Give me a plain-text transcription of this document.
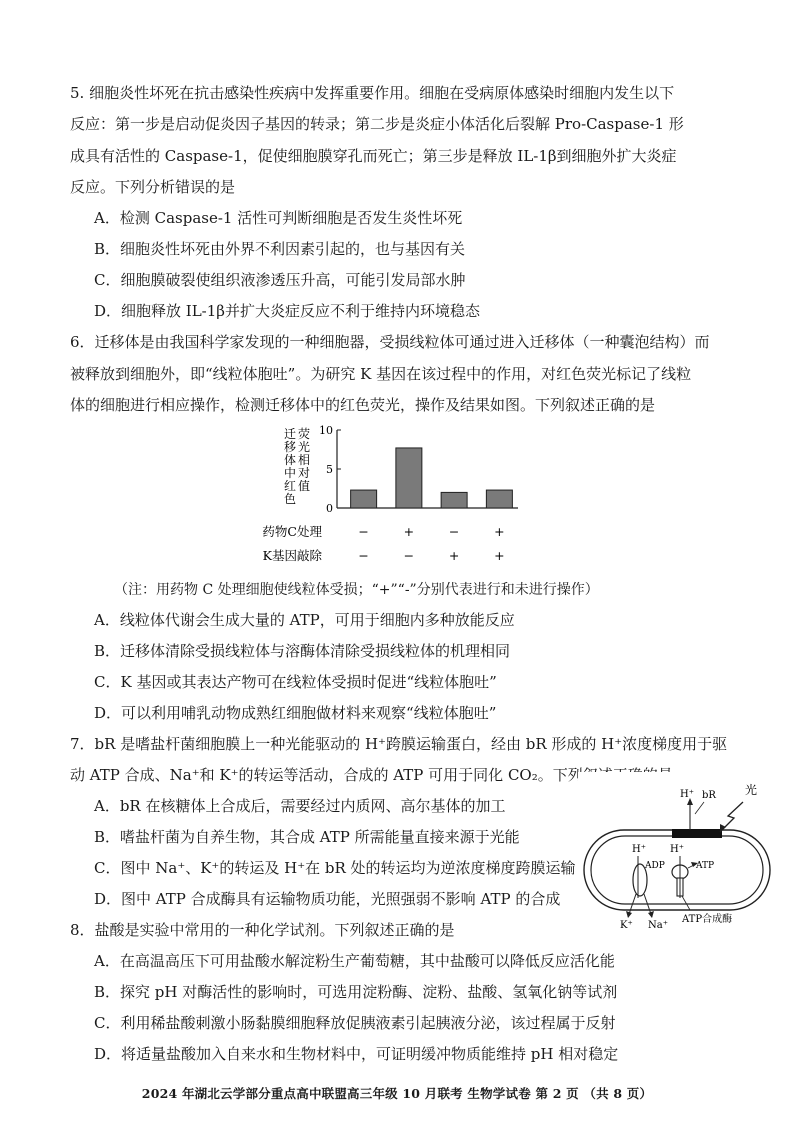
5. 细胞炎性坏死在抗击感染性疾病中发挥重要作用。细胞在受病原体感染时细胞内发生以下
反应：第一步是启动促炎因子基因的转录；第二步是炎症小体活化后裂解 Pro-Caspase-1 形
成具有活性的 Caspase-1，促使细胞膜穿孔而死亡；第三步是释放 IL-1β到细胞外扩大炎症
反应。下列分析错误的是
A．检测 Caspase-1 活性可判断细胞是否发生炎性坏死
B．细胞炎性坏死由外界不利因素引起的，也与基因有关
C．细胞膜破裂使组织液渗透压升高，可能引发局部水肿
D．细胞释放 IL-1β并扩大炎症反应不利于维持内环境稳态
6．迁移体是由我国科学家发现的一种细胞器，受损线粒体可通过进入迁移体（一种囊泡结构）而
被释放到细胞外，即“线粒体胞吐”。为研究 K 基因在该过程中的作用，对红色荧光标记了线粒
体的细胞进行相应操作，检测迁移体中的红色荧光，操作及结果如图。下列叙述正确的是
迁
移
体
中
红
色
荧
光
相
对
值
0
5
10
药物C处理	−	+	−	+
K基因敲除	−	−	+	+
（注：用药物 C 处理细胞使线粒体受损；“+”“-”分别代表进行和未进行操作）
A．线粒体代谢会生成大量的 ATP，可用于细胞内多种放能反应
B．迁移体清除受损线粒体与溶酶体清除受损线粒体的机理相同
C．K 基因或其表达产物可在线粒体受损时促进“线粒体胞吐”
D．可以利用哺乳动物成熟红细胞做材料来观察“线粒体胞吐”
7．bR 是嗜盐杆菌细胞膜上一种光能驱动的 H⁺跨膜运输蛋白，经由 bR 形成的 H⁺浓度梯度用于驱
动 ATP 合成、Na⁺和 K⁺的转运等活动，合成的 ATP 可用于同化 CO₂。下列叙述正确的是
A．bR 在核糖体上合成后，需要经过内质网、高尔基体的加工
B．嗜盐杆菌为自养生物，其合成 ATP 所需能量直接来源于光能
C．图中 Na⁺、K⁺的转运及 H⁺在 bR 处的转运均为逆浓度梯度跨膜运输
D．图中 ATP 合成酶具有运输物质功能，光照强弱不影响 ATP 的合成
光
H⁺ bR
H⁺
ADP
K⁺ Na⁺
H⁺
ATP
ATP合成酶
8．盐酸是实验中常用的一种化学试剂。下列叙述正确的是
A．在高温高压下可用盐酸水解淀粉生产葡萄糖，其中盐酸可以降低反应活化能
B．探究 pH 对酶活性的影响时，可选用淀粉酶、淀粉、盐酸、氢氧化钠等试剂
C．利用稀盐酸刺激小肠黏膜细胞释放促胰液素引起胰液分泌，该过程属于反射
D．将适量盐酸加入自来水和生物材料中，可证明缓冲物质能维持 pH 相对稳定
2024 年湖北云学部分重点高中联盟高三年级 10 月联考 生物学试卷 第 2 页 （共 8 页）
